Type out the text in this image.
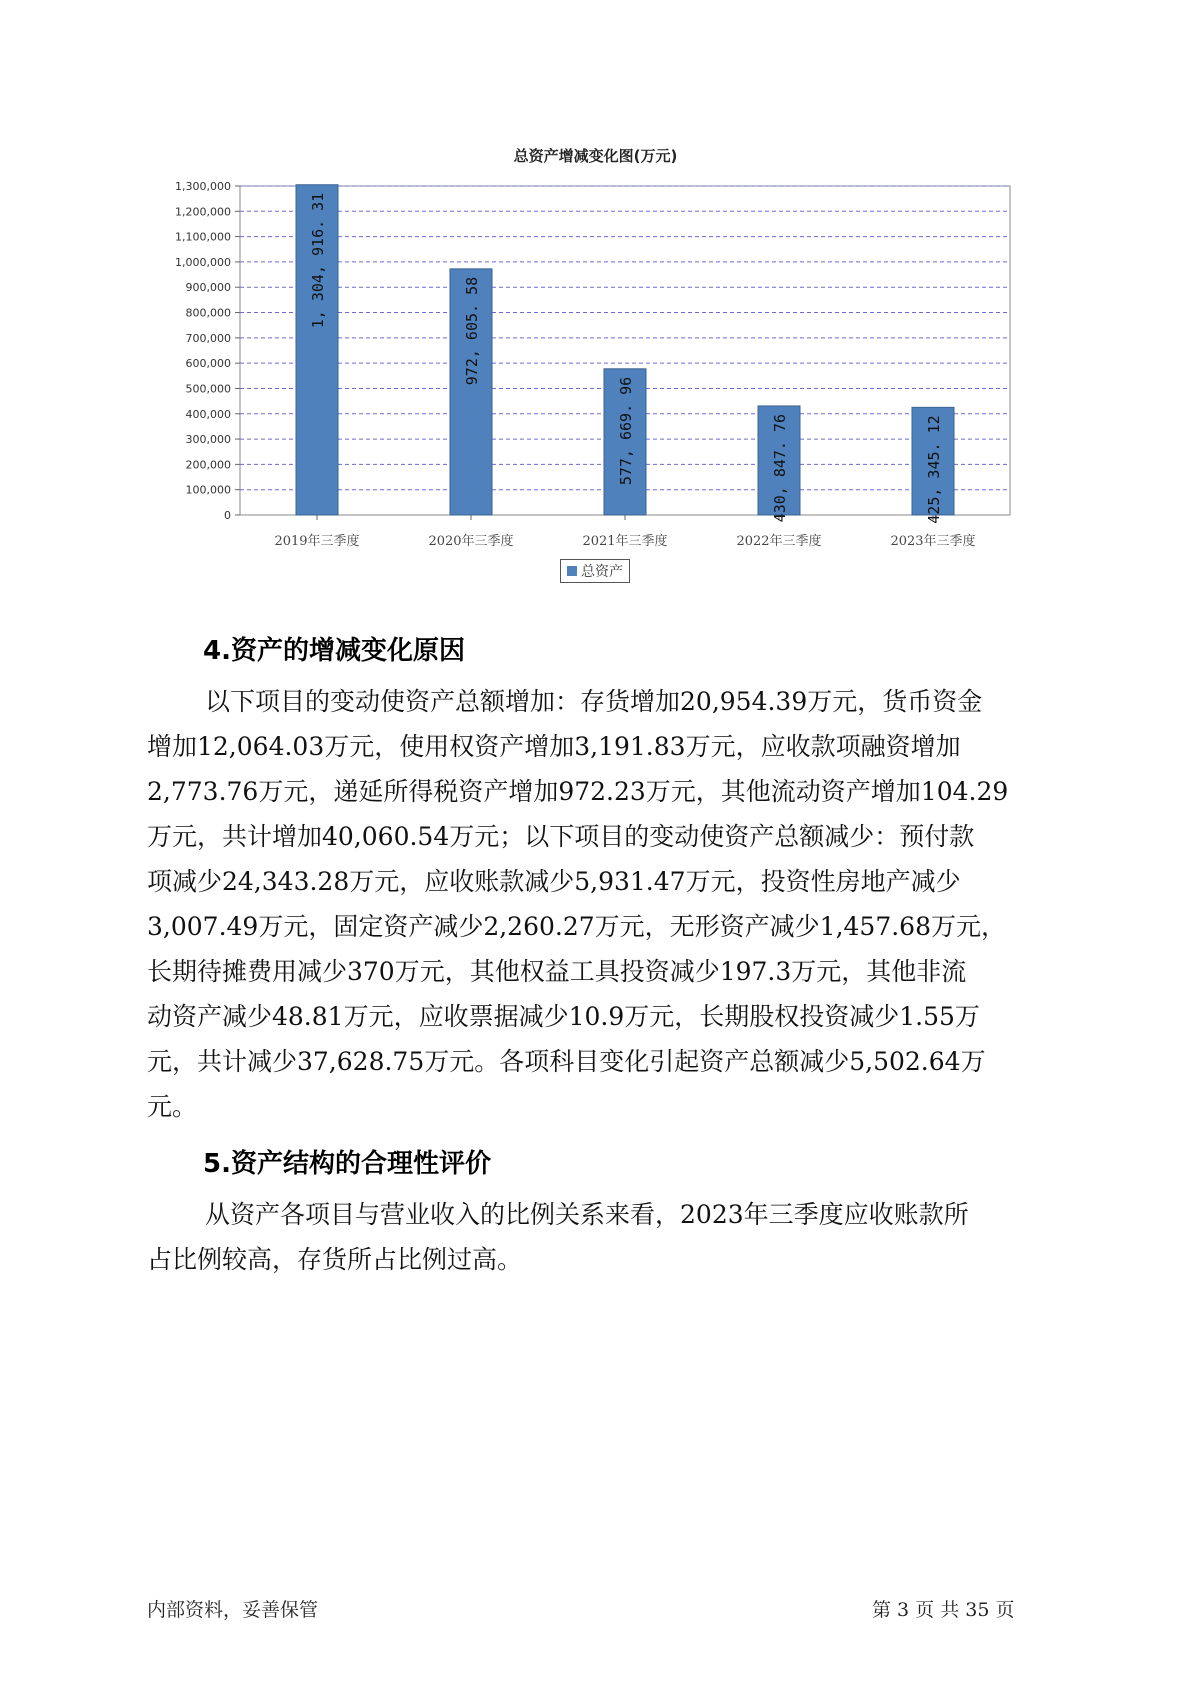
总资产增减变化图(万元)
0
100,000
200,000
300,000
400,000
500,000
600,000
700,000
800,000
900,000
1,000,000
1,100,000
1,200,000
1,300,000
2019年三季度
1, 304, 916. 31
2020年三季度
972, 605. 58
2021年三季度
577, 669. 96
2022年三季度
430, 847. 76
2023年三季度
425, 345. 12
总资产
4.资产的增减变化原因
以下项目的变动使资产总额增加：存货增加20,954.39万元，货币资金
增加12,064.03万元，使用权资产增加3,191.83万元，应收款项融资增加
2,773.76万元，递延所得税资产增加972.23万元，其他流动资产增加104.29
万元，共计增加40,060.54万元；以下项目的变动使资产总额减少：预付款
项减少24,343.28万元，应收账款减少5,931.47万元，投资性房地产减少
3,007.49万元，固定资产减少2,260.27万元，无形资产减少1,457.68万元，
长期待摊费用减少370万元，其他权益工具投资减少197.3万元，其他非流
动资产减少48.81万元，应收票据减少10.9万元，长期股权投资减少1.55万
元，共计减少37,628.75万元。各项科目变化引起资产总额减少5,502.64万
元。
5.资产结构的合理性评价
从资产各项目与营业收入的比例关系来看，2023年三季度应收账款所
占比例较高，存货所占比例过高。
内部资料，妥善保管	第 3 页 共 35 页
